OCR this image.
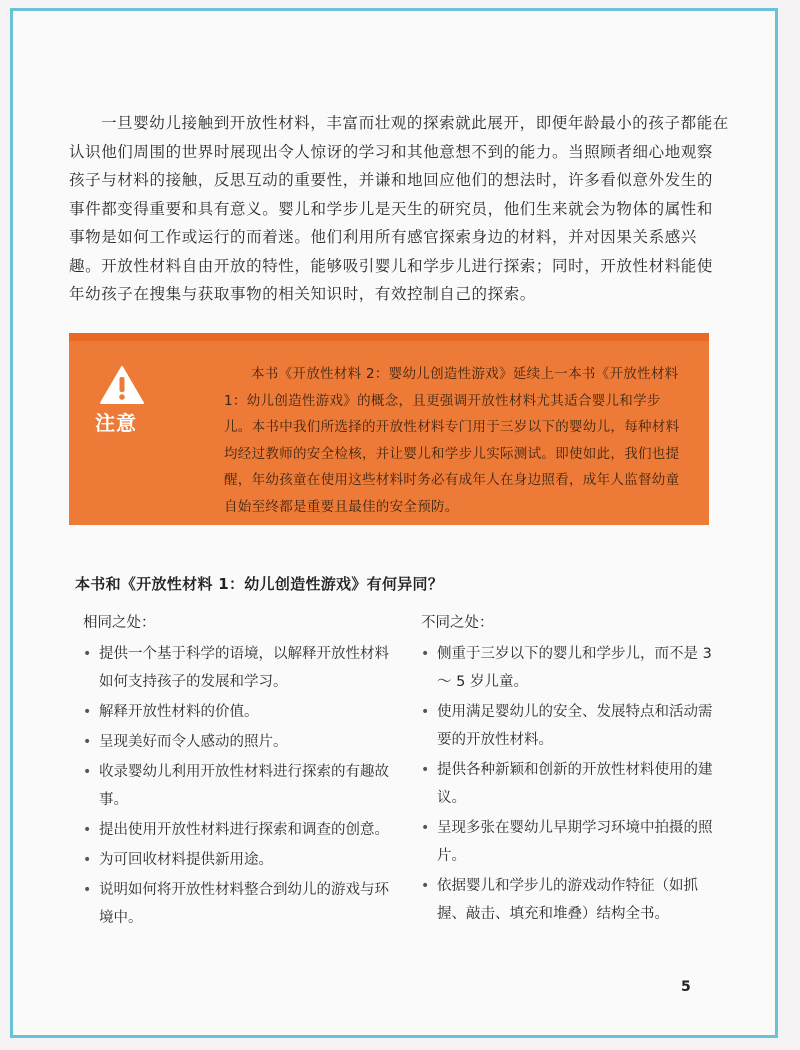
一旦婴幼儿接触到开放性材料，丰富而壮观的探索就此展开，即便年龄最小的孩子都能在认识他们周围的世界时展现出令人惊讶的学习和其他意想不到的能力。当照顾者细心地观察孩子与材料的接触，反思互动的重要性，并谦和地回应他们的想法时，许多看似意外发生的事件都变得重要和具有意义。婴儿和学步儿是天生的研究员，他们生来就会为物体的属性和事物是如何工作或运行的而着迷。他们利用所有感官探索身边的材料，并对因果关系感兴趣。开放性材料自由开放的特性，能够吸引婴儿和学步儿进行探索；同时，开放性材料能使年幼孩子在搜集与获取事物的相关知识时，有效控制自己的探索。

注意

本书《开放性材料 2：婴幼儿创造性游戏》延续上一本书《开放性材料 1：幼儿创造性游戏》的概念，且更强调开放性材料尤其适合婴儿和学步儿。本书中我们所选择的开放性材料专门用于三岁以下的婴幼儿，每种材料均经过教师的安全检核，并让婴儿和学步儿实际测试。即使如此，我们也提醒，年幼孩童在使用这些材料时务必有成年人在身边照看，成年人监督幼童自始至终都是重要且最佳的安全预防。

本书和《开放性材料 1：幼儿创造性游戏》有何异同？
相同之处：
• 提供一个基于科学的语境，以解释开放性材料如何支持孩子的发展和学习。
• 解释开放性材料的价值。
• 呈现美好而令人感动的照片。
• 收录婴幼儿利用开放性材料进行探索的有趣故事。
• 提出使用开放性材料进行探索和调查的创意。
• 为可回收材料提供新用途。
• 说明如何将开放性材料整合到幼儿的游戏与环境中。
不同之处：
• 侧重于三岁以下的婴儿和学步儿，而不是 3 ～ 5 岁儿童。
• 使用满足婴幼儿的安全、发展特点和活动需要的开放性材料。
• 提供各种新颖和创新的开放性材料使用的建议。
• 呈现多张在婴幼儿早期学习环境中拍摄的照片。
• 依据婴儿和学步儿的游戏动作特征（如抓握、敲击、填充和堆叠）结构全书。
5
